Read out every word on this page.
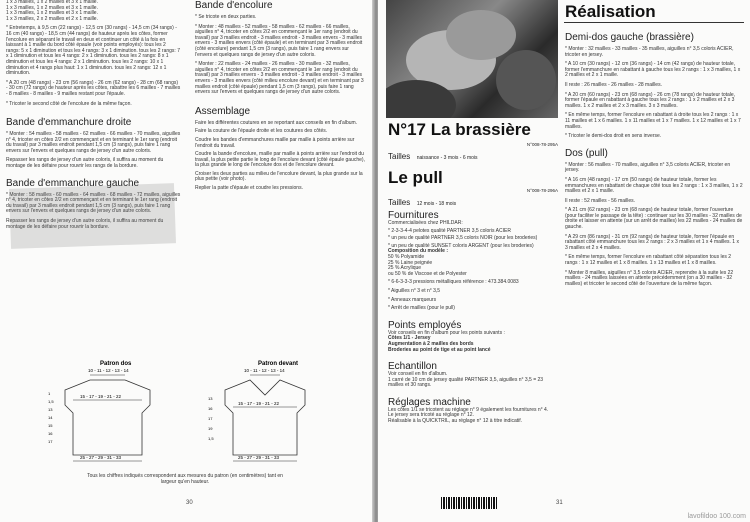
1 x 3 mailles, 1 x 2 mailles et 3 x 1 maille.

1 x 3 mailles, 1 x 2 mailles et 3 x 1 maille.

1 x 3 mailles, 1 x 2 mailles et 3 x 1 maille.

1 x 3 mailles, 2 x 2 mailles et 2 x 1 maille.

* Entretemps, à 9,5 cm (22 rangs) - 12,5 cm (30 rangs) - 14,5 cm (34 rangs) - 16 cm (40 rangs) - 18,5 cm (44 rangs) de hauteur après les côtes, former l'encolure en séparant le travail en deux et continuer un côté à la fois en laissant à 1 maille du bord côté épaule (voir points employés): tous les 2 rangs: 5 x 1 diminution et tous les 4 rangs: 3 x 1 diminution. tous les 2 rangs: 7 x 1 diminution et tous les 4 rangs: 2 x 1 diminution. tous les 2 rangs: 8 x 1 diminution et tous les 4 rangs: 2 x 1 diminution. tous les 2 rangs: 10 x 1 diminution et 4 rangs plus haut: 1 x 1 diminution. tous les 2 rangs: 12 x 1 diminution.

* A 20 cm (48 rangs) - 23 cm (56 rangs) - 26 cm (62 rangs) - 28 cm (68 rangs) - 30 cm (72 rangs) de hauteur après les côtes, rabattre les 6 mailles - 7 mailles - 8 mailles - 8 mailles - 9 mailles restant pour l'épaule.

* Tricoter le second côté de l'encolure de la même façon.

Bande d'emmanchure droite

* Monter : 54 mailles - 58 mailles - 62 mailles - 66 mailles - 70 mailles, aiguilles n° 4, tricoter en côtes 2/2 en commençant et en terminant le 1er rang (endroit du travail) par 3 mailles endroit pendant 1,5 cm (3 rangs), puis faire 1 rang envers sur l'envers et quelques rangs de jersey d'un autre coloris.

Repasser les rangs de jersey d'un autre coloris, il suffira au moment du montage de les défaire pour rouvrir les rangs de la bordure.

Bande d'emmanchure gauche

* Monter : 58 mailles - 60 mailles - 64 mailles - 68 mailles - 72 mailles, aiguilles n° 4, tricoter en côtes 2/2 en commençant et en terminant le 1er rang (endroit du travail) par 3 mailles endroit pendant 1,5 cm (3 rangs), puis faire 1 rang envers sur l'envers et quelques rangs de jersey d'un autre coloris.

Repasser les rangs de jersey d'un autre coloris, il suffira au moment du montage de les défaire pour rouvrir la bordure.

Bande d'encolure

* Se tricote en deux parties.

* Monter : 48 mailles - 52 mailles - 58 mailles - 62 mailles - 66 mailles, aiguilles n° 4, tricoter en côtes 2/2 en commençant le 1er rang (endroit du travail) par 3 mailles endroit - 3 mailles endroit - 3 mailles envers - 3 mailles envers - 3 mailles envers (côté épaule) et en terminant par 3 mailles endroit (côté encolure) pendant 1,5 cm (3 rangs), puis faire 1 rang envers sur l'envers et quelques rangs de jersey d'un autre coloris.

* Monter : 22 mailles - 24 mailles - 26 mailles - 30 mailles - 32 mailles, aiguilles n° 4, tricoter en côtes 2/2 en commençant le 1er rang (endroit du travail) par 3 mailles envers - 3 mailles endroit - 3 mailles endroit - 3 mailles envers - 3 mailles envers (côté milieu encolure devant) et en terminant par 3 mailles endroit (côté épaule) pendant 1,5 cm (3 rangs), puis faire 1 rang envers sur l'envers et quelques rangs de jersey d'un autre coloris.

Assemblage

Faire les différentes coutures en se reportant aux conseils en fin d'album.

Faire la couture de l'épaule droite et les coutures des côtés.

Coudre les bandes d'emmanchures maille par maille à points arrière sur l'endroit du travail.

Coudre la bande d'encolure, maille par maille à points arrière sur l'endroit du travail, la plus petite partie le long de l'encolure devant (côté épaule gauche), la plus grande le long de l'encolure dos et de l'encolure devant.

Croiser les deux parties au milieu de l'encolure devant, la plus grande sur la plus petite (voir photo).

Replier la patte d'épaule et coudre les pressions.

Patron dos
10 - 11 - 12 - 13 - 14
15 - 17 - 19 - 21 - 22
25 - 27 - 29 - 31 - 33
1
1,5
13
14
15
16
17
Patron devant
10 - 11 - 12 - 13 - 14
15 - 17 - 19 - 21 - 22
25 - 27 - 29 - 31 - 33
13
16
17
19
1,5

Tous les chiffres indiqués correspondent aux mesures du patron (en centimètres) tant en largeur qu'en hauteur.

30

N°17 La brassière

Tailles naissance - 3 mois - 6 mois
N°008-78-295A

Le pull

Tailles 12 mois - 18 mois
N°008-78-296A

Fournitures

Commercialisées chez PHILDAR:

* 2-3-3-4-4 pelotes qualité PARTNER 3,5 coloris ACIER

* un peu de qualité PARTNER 3,5 coloris NOIR (pour les broderies)

* un peu de qualité SUNSET coloris ARGENT (pour les broderies)

Composition du modèle :

50 % Polyamide

25 % Laine peignée

25 % Acrylique

ou 50 % de Viscose et de Polyester

* 6-6-3-3-3 pressions métalliques référence : 473.384.0083

* Aiguilles n° 3 et n° 3,5

* Anneaux marqueurs

* Arrêt de mailles (pour le pull)

Points employés

Voir conseils en fin d'album pour les points suivants :

Côtes 1/1 - Jersey

Augmentation à 2 mailles des bords

Broderies au point de tige et au point lancé

Echantillon

Voir conseil en fin d'album.

1 carré de 10 cm de jersey qualité PARTNER 3,5, aiguilles n° 3,5 = 23 mailles et 30 rangs.

Réglages machine

Les côtes 1/1 se tricotent au réglage n° 9 également les fournitures n° 4.

Le jersey sera tricoté au réglage n° 12.

Réalisable à la QUICKTRIL, au réglage n° 12 à titre indicatif.

Réalisation

Demi-dos gauche (brassière)

* Monter : 32 mailles - 33 mailles - 35 mailles, aiguilles n° 3,5 coloris ACIER, tricoter en jersey.

* A 10 cm (30 rangs) - 12 cm (36 rangs) - 14 cm (42 rangs) de hauteur totale, former l'emmanchure en rabattant à gauche tous les 2 rangs : 1 x 3 mailles, 1 x 2 mailles et 2 x 1 maille.

Il reste : 26 mailles - 26 mailles - 28 mailles.

* A 20 cm (60 rangs) - 23 cm (68 rangs) - 26 cm (78 rangs) de hauteur totale, former l'épaule en rabattant à gauche tous les 2 rangs : 1 x 2 mailles et 2 x 3 mailles. 1 x 2 mailles et 2 x 3 mailles. 3 x 3 mailles.

* En même temps, former l'encolure en rabattant à droite tous les 2 rangs : 1 x 11 mailles et 1 x 6 mailles. 1 x 11 mailles et 1 x 7 mailles. 1 x 12 mailles et 1 x 7 mailles.

* Tricoter le demi-dos droit en sens inverse.

Dos (pull)

* Monter : 56 mailles - 70 mailles, aiguilles n° 3,5 coloris ACIER, tricoter en jersey.

* A 16 cm (48 rangs) - 17 cm (50 rangs) de hauteur totale, former les emmanchures en rabattant de chaque côté tous les 2 rangs : 1 x 3 mailles, 1 x 2 mailles et 2 x 1 maille.

Il reste : 52 mailles - 56 mailles.

* A 21 cm (62 rangs) - 23 cm (68 rangs) de hauteur totale, former l'ouverture (pour faciliter le passage de la tête) : continuer sur les 30 mailles - 32 mailles de droite et laisser en attente (sur un arrêt de mailles) les 22 mailles - 24 mailles de gauche.

* A 29 cm (86 rangs) - 31 cm (92 rangs) de hauteur totale, former l'épaule en rabattant côté emmanchure tous les 2 rangs : 2 x 3 mailles et 1 x 4 mailles. 1 x 3 mailles et 2 x 4 mailles.

* En même temps, former l'encolure en rabattant côté séparation tous les 2 rangs : 1 x 12 mailles et 1 x 8 mailles. 1 x 13 mailles et 1 x 8 mailles.

* Monter 8 mailles, aiguilles n° 3,5 coloris ACIER, reprendre à la suite les 22 mailles - 24 mailles laissées en attente précédemment (on a 30 mailles - 32 mailles) et tricoter le second côté de l'ouverture de la même façon.

31
lavofildoo 100.com
